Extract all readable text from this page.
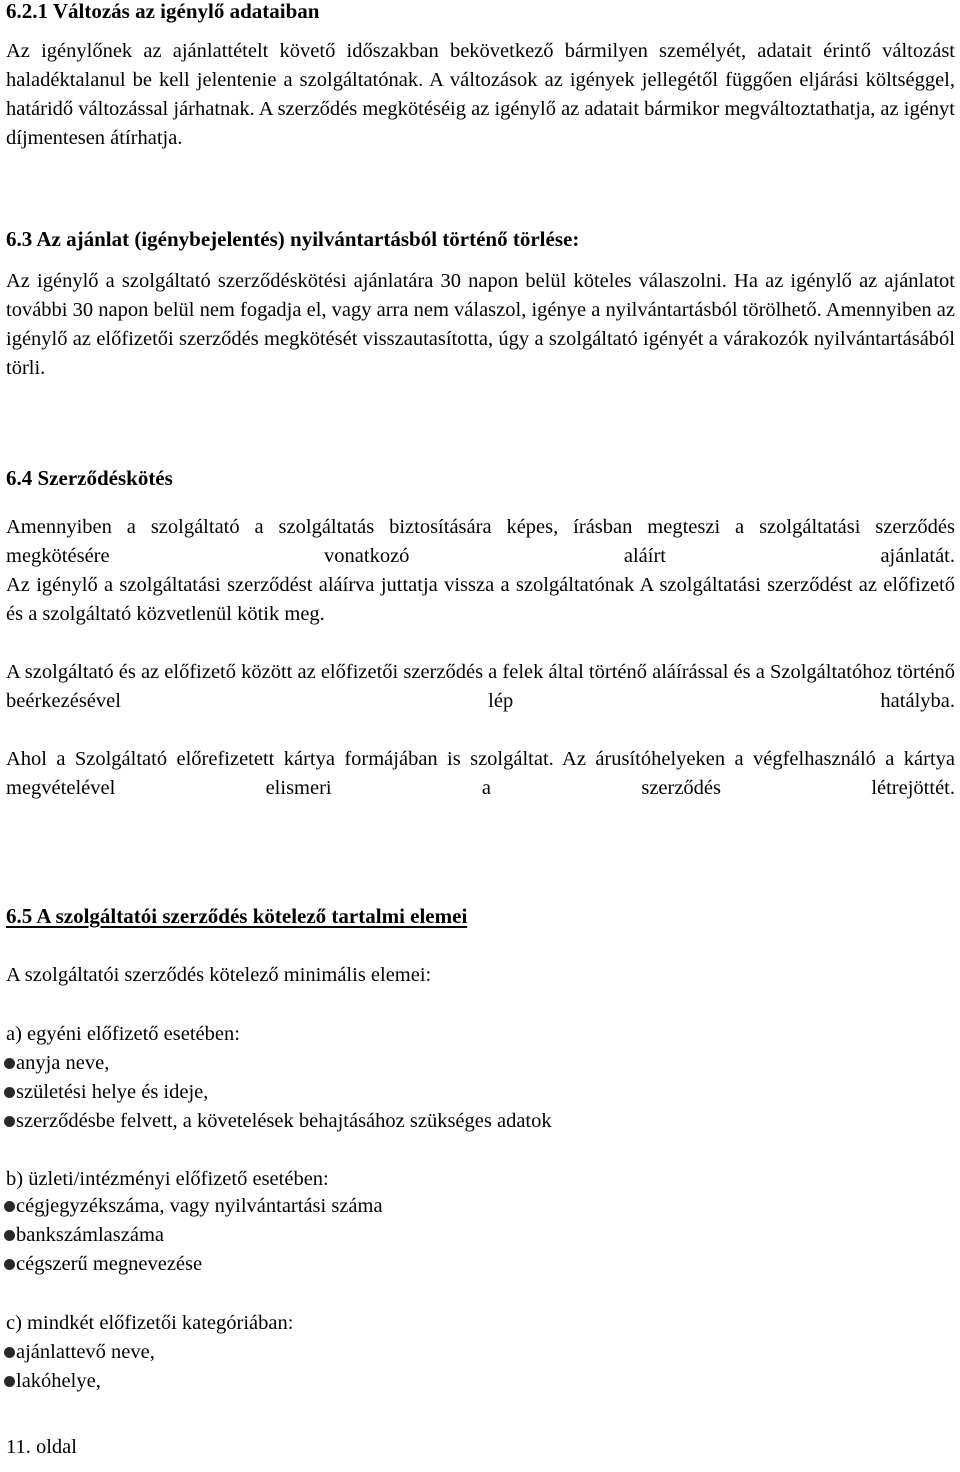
6.2.1 Változás az igénylő adataiban

Az igénylőnek az ajánlattételt követő időszakban bekövetkező bármilyen személyét, adatait érintő változást haladéktalanul be kell jelentenie a szolgáltatónak. A változások az igények jellegétől függően eljárási költséggel, határidő változással járhatnak. A szerződés megkötéséig az igénylő az adatait bármikor megváltoztathatja, az igényt díjmentesen átírhatja.

6.3 Az ajánlat (igénybejelentés) nyilvántartásból történő törlése:

Az igénylő a szolgáltató szerződéskötési ajánlatára 30 napon belül köteles válaszolni. Ha az igénylő az ajánlatot további 30 napon belül nem fogadja el, vagy arra nem válaszol, igénye a nyilvántartásból törölhető. Amennyiben az igénylő az előfizetői szerződés megkötését visszautasította, úgy a szolgáltató igényét a várakozók nyilvántartásából törli.

6.4 Szerződéskötés

Amennyiben a szolgáltató a szolgáltatás biztosítására képes, írásban megteszi a szolgáltatási szerződés megkötésére vonatkozó aláírt ajánlatát.

Az igénylő a szolgáltatási szerződést aláírva juttatja vissza a szolgáltatónak A szolgáltatási szerződést az előfizető és a szolgáltató közvetlenül kötik meg.

A szolgáltató és az előfizető között az előfizetői szerződés a felek által történő aláírással és a Szolgáltatóhoz történő beérkezésével lép hatályba.

Ahol a Szolgáltató előrefizetett kártya formájában is szolgáltat. Az árusítóhelyeken a végfelhasználó a kártya megvételével elismeri a szerződés létrejöttét.

6.5 A szolgáltatói szerződés kötelező tartalmi elemei

A szolgáltatói szerződés kötelező minimális elemei:

a) egyéni előfizető esetében:

anyja neve,
születési helye és ideje,
szerződésbe felvett, a követelések behajtásához szükséges adatok

b) üzleti/intézményi előfizető esetében:

cégjegyzékszáma, vagy nyilvántartási száma
bankszámlaszáma
cégszerű megnevezése

c) mindkét előfizetői kategóriában:

ajánlattevő neve,
lakóhelye,

11. oldal
